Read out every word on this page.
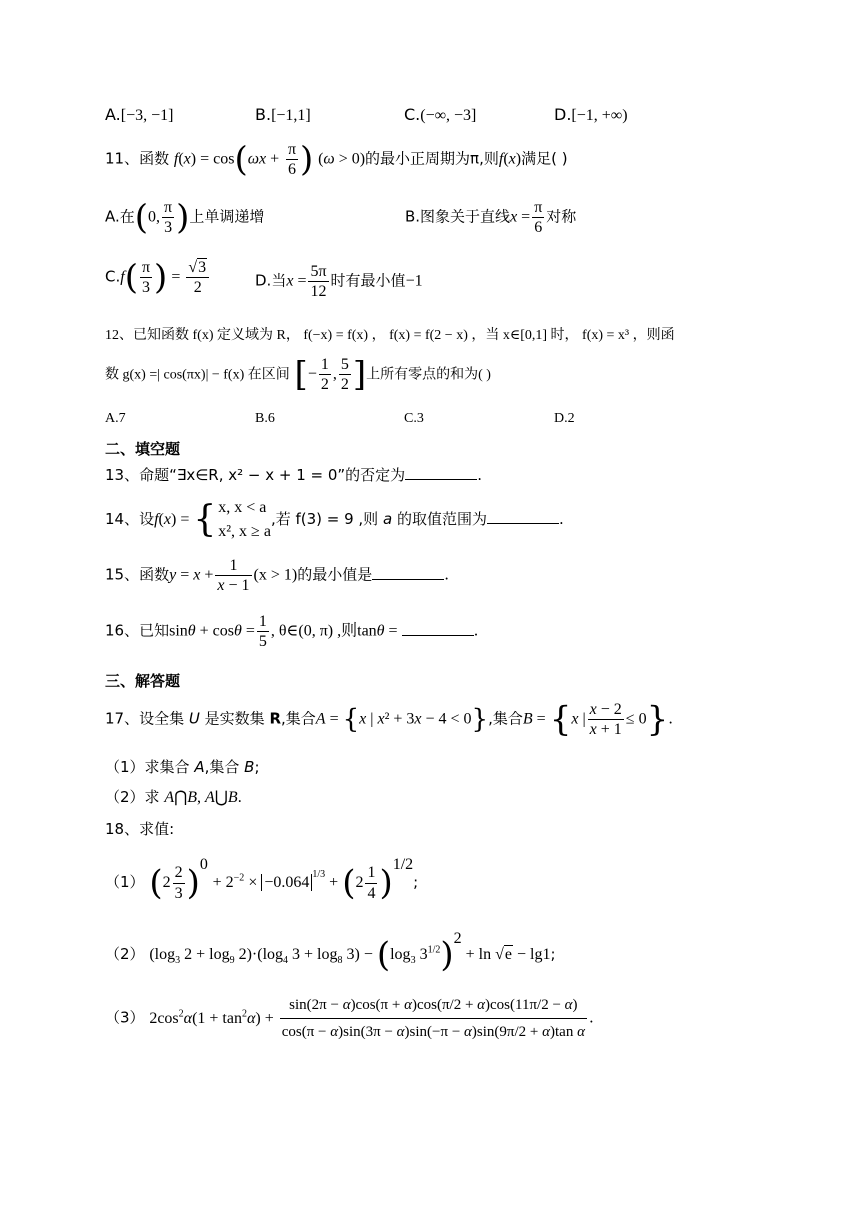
A.[−3, −1]	B.[−1,1]	C.(−∞, −3]	D.[−1, +∞)
11、函数 $f(x) = \cos(\omega x + \frac{\pi}{6}$ ) (ω > 0)的最小正周期为π,则f(x)满足( )
A.在(0, $\frac{\pi}{3}$ )上单调递增	B.图象关于直线$x = \frac{\pi}{6}$ 对称
$C.f( \frac{\pi}{3}$ ) = $\frac{√3}{2}$	D.当$x = \frac{5\pi}{12}$ 时有最小值−1
12、已知函数 f(x) 定义域为 R， f(−x) = f(x) ， f(x) = f(2 − x) ，当 x∈[0,1] 时， f(x) = x³ ，则函
数 g(x) =| cos(πx)| − f(x) 在区间 [− $\frac{1}{2}$ , $\frac{5}{2}$ ]上所有零点的和为( )
A.7	B.6	C.3	D.2
二、填空题
13、命题“∃x∈R, x² − x + 1 = 0”的否定为	.
14、设f(x) = { x, x < a
x², x ≥ a
,若 f(3) = 9 ,则 a 的取值范围为	.
15、函数$y = x + \frac{1}{x - 1} (x > 1)$的最小值是	.
16、已知$\sin\theta + \cos\theta = \frac{1}{5}$ , θ∈(0, π) ,则tanθ =	.
三、解答题
17、设全集 U 是实数集 R,集合A = {x | x² + 3x − 4 < 0},集合B = {x | $\frac{x - 2}{x + 1} \le 0$}.
（1）求集合 A,集合 B;
（2）求 A⋂B, A⋃B.
18、求值:
（1） $(2 \frac{2}{3} )^0 + 2^{-2} \times -0.064$ $^{1/3} + (2 \frac{1}{4} )^{1/2}$;
（2） ($\log_3$ $2 + \log_9 2)\cdot(\log_4$ $3 + \log_8 3) - (\log_3$ $3^{1/2})^2 + \ln √e - \lg 1$;
（3） $2\cos^2\alpha(1 + \tan^2\alpha) + \frac{\sin(2\pi - \alpha)\cos(\pi + \alpha)\cos(\pi/2 + \alpha)\cos(11\pi/2 - \alpha)}{\text{cos(π − α)sin(3π − α)sin(−π − α)sin(9π/2 + α)tan α}}$ .
